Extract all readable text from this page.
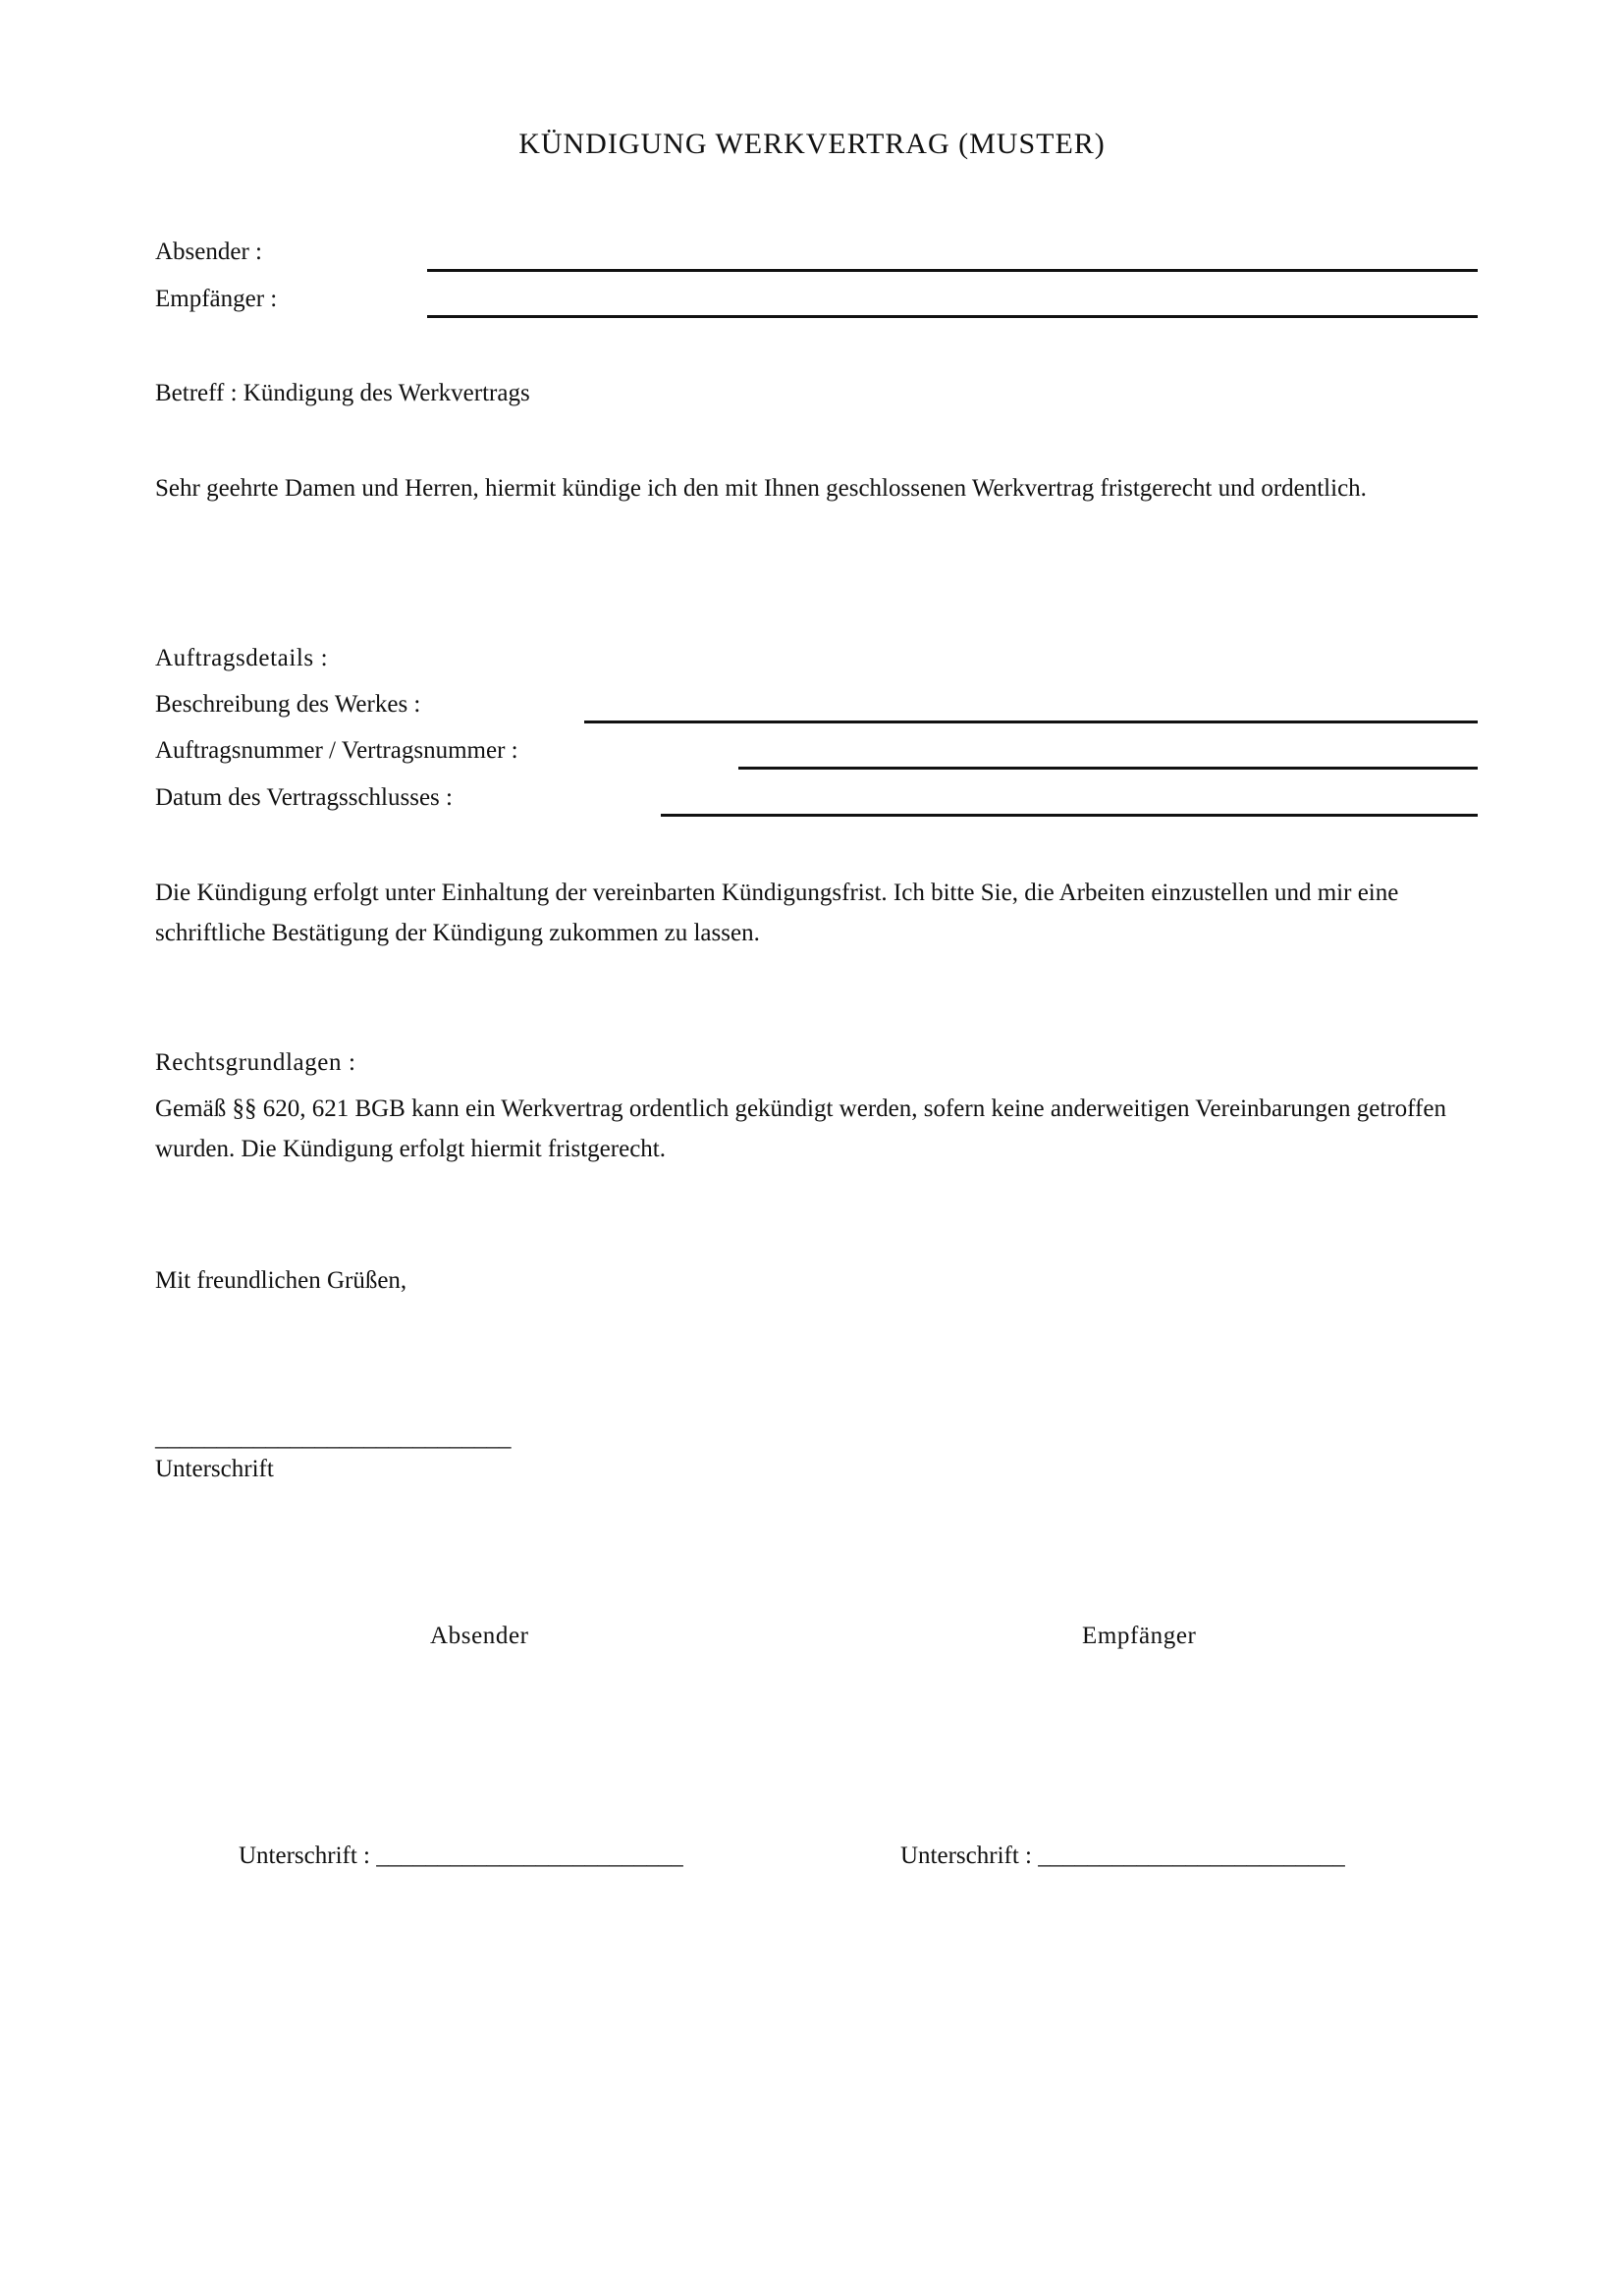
KÜNDIGUNG WERKVERTRAG (MUSTER)
Absender :
Empfänger :
Betreff : Kündigung des Werkvertrags

Sehr geehrte Damen und Herren, hiermit kündige ich den mit Ihnen geschlossenen Werkvertrag fristgerecht und ordentlich.

Auftragsdetails :
Beschreibung des Werkes :
Auftragsnummer / Vertragsnummer :
Datum des Vertragsschlusses :

Die Kündigung erfolgt unter Einhaltung der vereinbarten Kündigungsfrist. Ich bitte Sie, die Arbeiten einzustellen und mir eine schriftliche Bestätigung der Kündigung zukommen zu lassen.

Rechtsgrundlagen :

Gemäß §§ 620, 621 BGB kann ein Werkvertrag ordentlich gekündigt werden, sofern keine anderweitigen Vereinbarungen getroffen wurden. Die Kündigung erfolgt hiermit fristgerecht.

Mit freundlichen Grüßen,
_____________________________
Unterschrift
Absender	Empfänger
Unterschrift : _________________________	Unterschrift : _________________________
